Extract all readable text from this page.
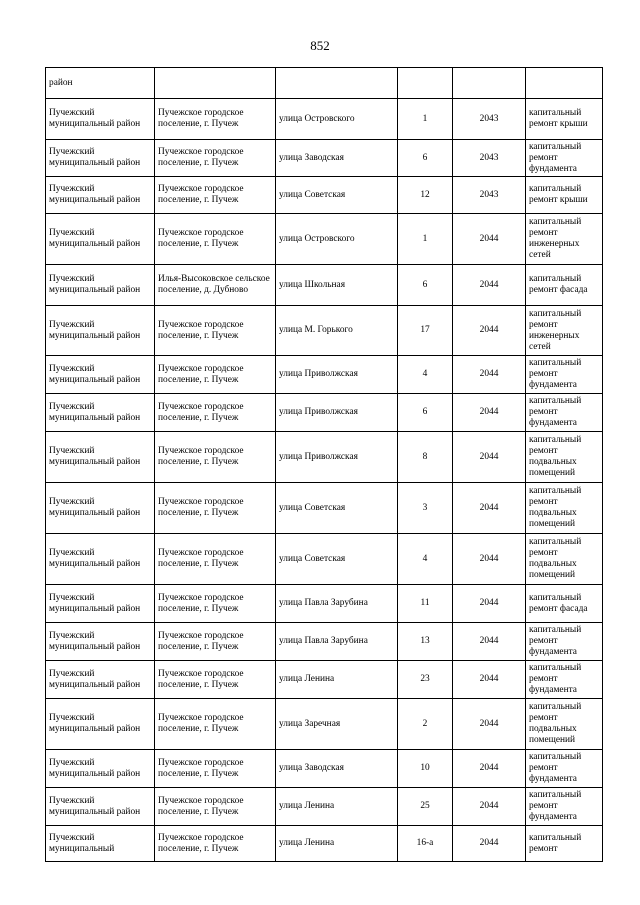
852
район					
Пучежский муниципальный район	Пучежское городское поселение, г. Пучеж	улица Островского	1	2043	капитальный ремонт крыши
Пучежский муниципальный район	Пучежское городское поселение, г. Пучеж	улица Заводская	6	2043	капитальный ремонт фундамента
Пучежский муниципальный район	Пучежское городское поселение, г. Пучеж	улица Советская	12	2043	капитальный ремонт крыши
Пучежский муниципальный район	Пучежское городское поселение, г. Пучеж	улица Островского	1	2044	капитальный ремонт инженерных сетей
Пучежский муниципальный район	Илья-Высоковское сельское поселение, д. Дубново	улица Школьная	6	2044	капитальный ремонт фасада
Пучежский муниципальный район	Пучежское городское поселение, г. Пучеж	улица М. Горького	17	2044	капитальный ремонт инженерных сетей
Пучежский муниципальный район	Пучежское городское поселение, г. Пучеж	улица Приволжская	4	2044	капитальный ремонт фундамента
Пучежский муниципальный район	Пучежское городское поселение, г. Пучеж	улица Приволжская	6	2044	капитальный ремонт фундамента
Пучежский муниципальный район	Пучежское городское поселение, г. Пучеж	улица Приволжская	8	2044	капитальный ремонт подвальных помещений
Пучежский муниципальный район	Пучежское городское поселение, г. Пучеж	улица Советская	3	2044	капитальный ремонт подвальных помещений
Пучежский муниципальный район	Пучежское городское поселение, г. Пучеж	улица Советская	4	2044	капитальный ремонт подвальных помещений
Пучежский муниципальный район	Пучежское городское поселение, г. Пучеж	улица Павла Зарубина	11	2044	капитальный ремонт фасада
Пучежский муниципальный район	Пучежское городское поселение, г. Пучеж	улица Павла Зарубина	13	2044	капитальный ремонт фундамента
Пучежский муниципальный район	Пучежское городское поселение, г. Пучеж	улица Ленина	23	2044	капитальный ремонт фундамента
Пучежский муниципальный район	Пучежское городское поселение, г. Пучеж	улица Заречная	2	2044	капитальный ремонт подвальных помещений
Пучежский муниципальный район	Пучежское городское поселение, г. Пучеж	улица Заводская	10	2044	капитальный ремонт фундамента
Пучежский муниципальный район	Пучежское городское поселение, г. Пучеж	улица Ленина	25	2044	капитальный ремонт фундамента
Пучежский муниципальный	Пучежское городское поселение, г. Пучеж	улица Ленина	16-а	2044	капитальный ремонт
